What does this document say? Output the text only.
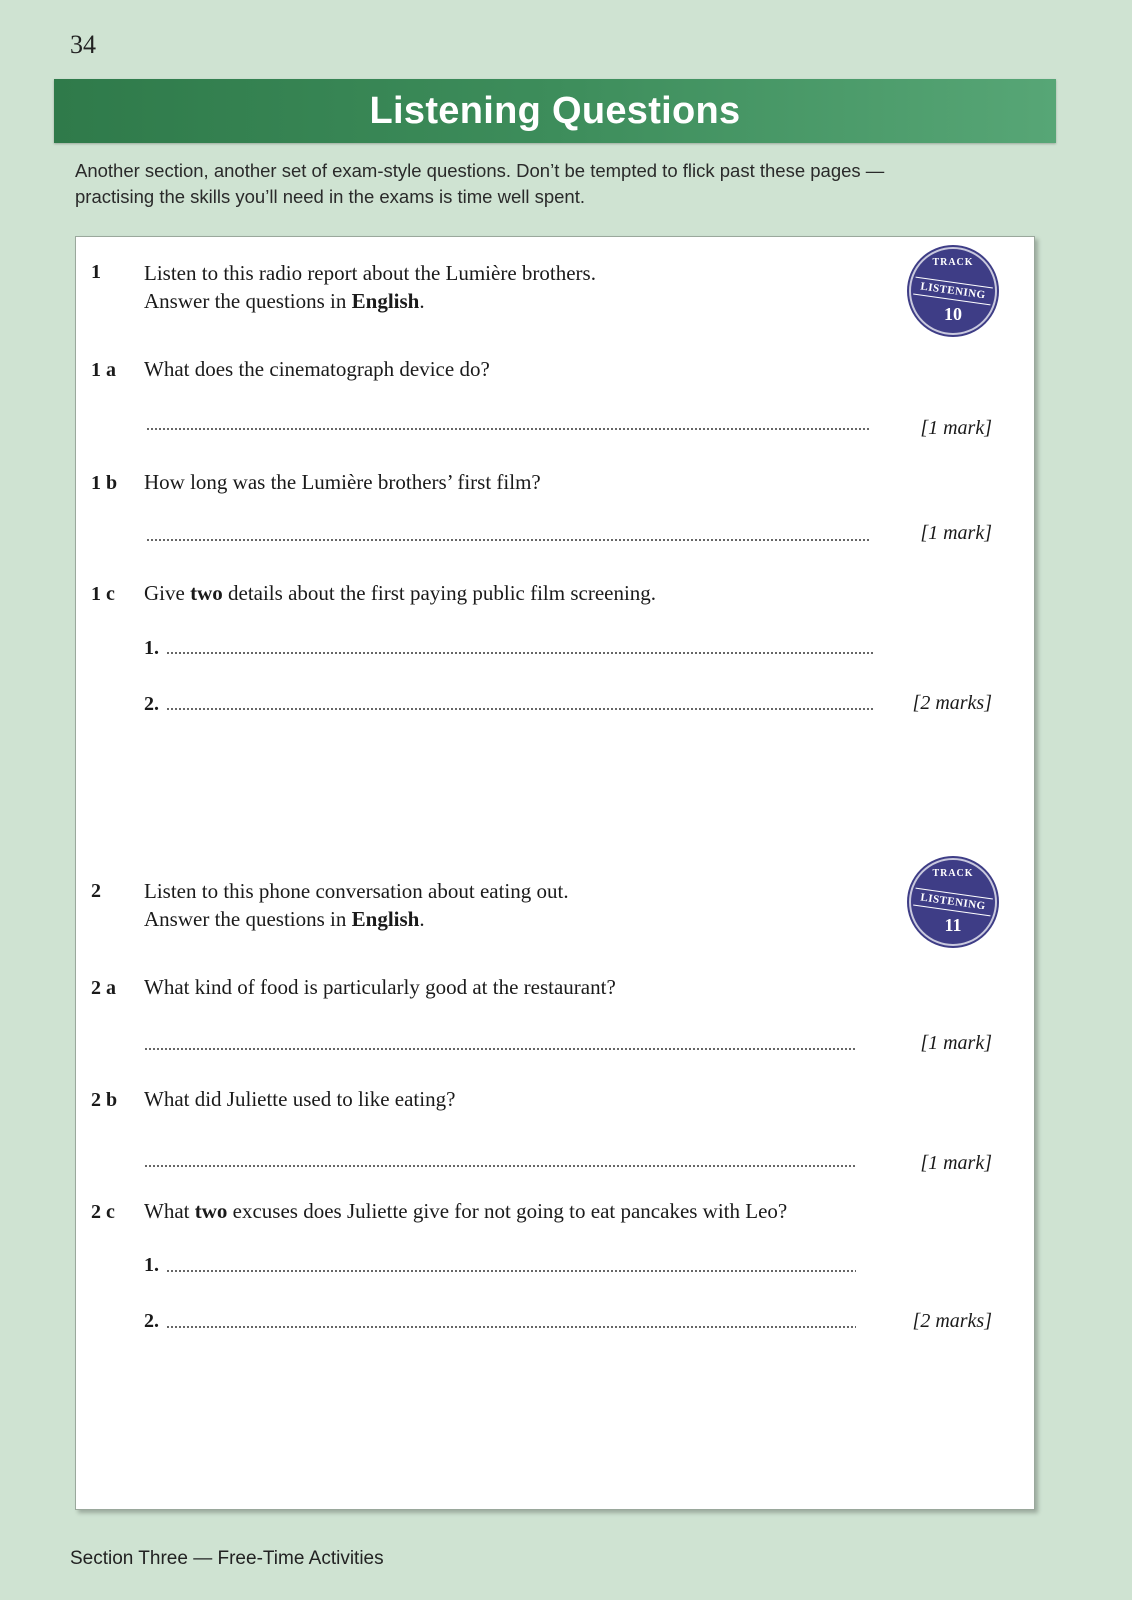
34
Listening Questions
Another section, another set of exam-style questions. Don’t be tempted to flick past these pages —
practising the skills you’ll need in the exams is time well spent.
1 Listen to this radio report about the Lumière brothers.
Answer the questions in English.
TRACK
LISTENING
10
1 a What does the cinematograph device do?
[1 mark]
1 b How long was the Lumière brothers’ first film?
[1 mark]
1 c Give two details about the first paying public film screening.
1.
2.	[2 marks]
2 Listen to this phone conversation about eating out.
Answer the questions in English.
TRACK
LISTENING
11
2 a What kind of food is particularly good at the restaurant?
[1 mark]
2 b What did Juliette used to like eating?
[1 mark]
2 c What two excuses does Juliette give for not going to eat pancakes with Leo?
1.
2.	[2 marks]
Section Three — Free-Time Activities
